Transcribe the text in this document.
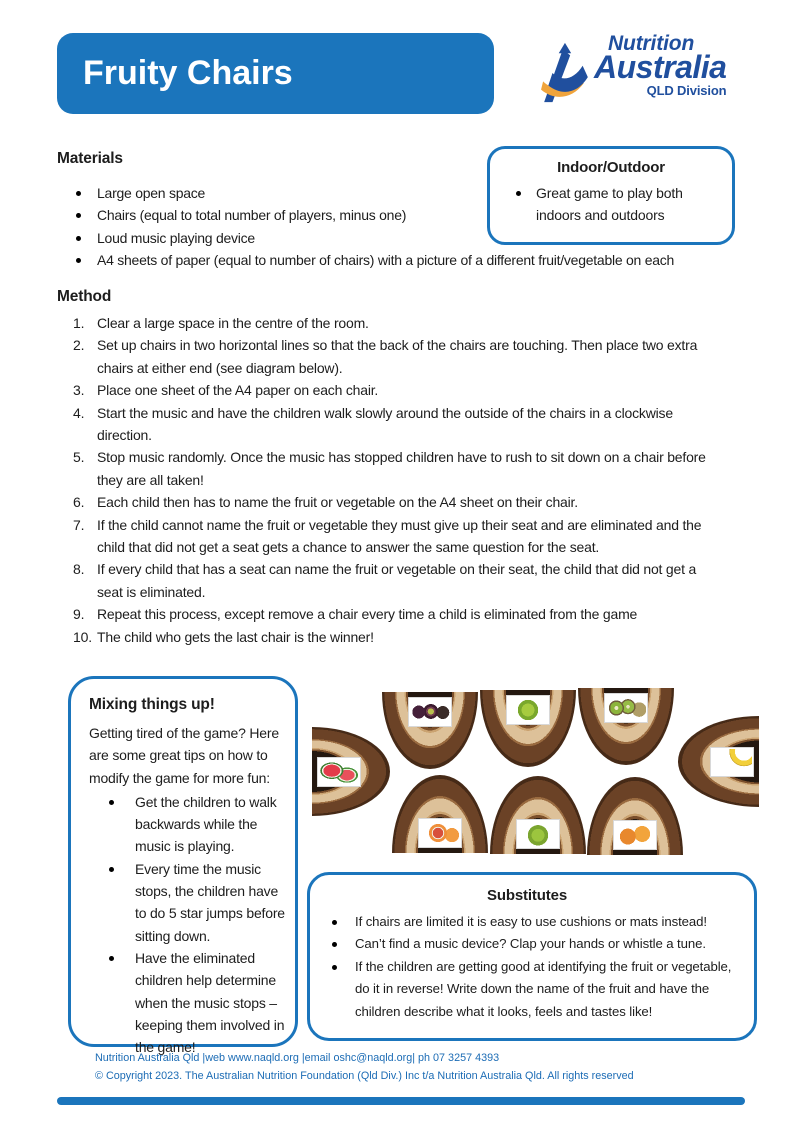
Fruity Chairs
Nutrition
Australia
QLD Division
Materials
Large open space
Chairs (equal to total number of players, minus one)
Loud music playing device
A4 sheets of paper (equal to number of chairs) with a picture of a different fruit/vegetable on each
Indoor/Outdoor
Great game to play both indoors and outdoors
Method
Clear a large space in the centre of the room.
Set up chairs in two horizontal lines so that the back of the chairs are touching. Then place two extra chairs at either end (see diagram below).
Place one sheet of the A4 paper on each chair.
Start the music and have the children walk slowly around the outside of the chairs in a clockwise direction.
Stop music randomly. Once the music has stopped children have to rush to sit down on a chair before they are all taken!
Each child then has to name the fruit or vegetable on the A4 sheet on their chair.
If the child cannot name the fruit or vegetable they must give up their seat and are eliminated and the child that did not get a seat gets a chance to answer the same question for the seat.
If every child that has a seat can name the fruit or vegetable on their seat, the child that did not get a seat is eliminated.
Repeat this process, except remove a chair every time a child is eliminated from the game
The child who gets the last chair is the winner!
Mixing things up!

Getting tired of the game? Here are some great tips on how to modify the game for more fun:

Get the children to walk backwards while the music is playing.
Every time the music stops, the children have to do 5 star jumps before sitting down.
Have the eliminated children help determine when the music stops – keeping them involved in the game!
Substitutes
If chairs are limited it is easy to use cushions or mats instead!
Can’t find a music device? Clap your hands or whistle a tune.
If the children are getting good at identifying the fruit or vegetable, do it in reverse! Write down the name of the fruit and have the children describe what it looks, feels and tastes like!
Nutrition Australia Qld |web www.naqld.org |email oshc@naqld.org| ph 07 3257 4393
© Copyright 2023. The Australian Nutrition Foundation (Qld Div.) Inc t/a Nutrition Australia Qld. All rights reserved
